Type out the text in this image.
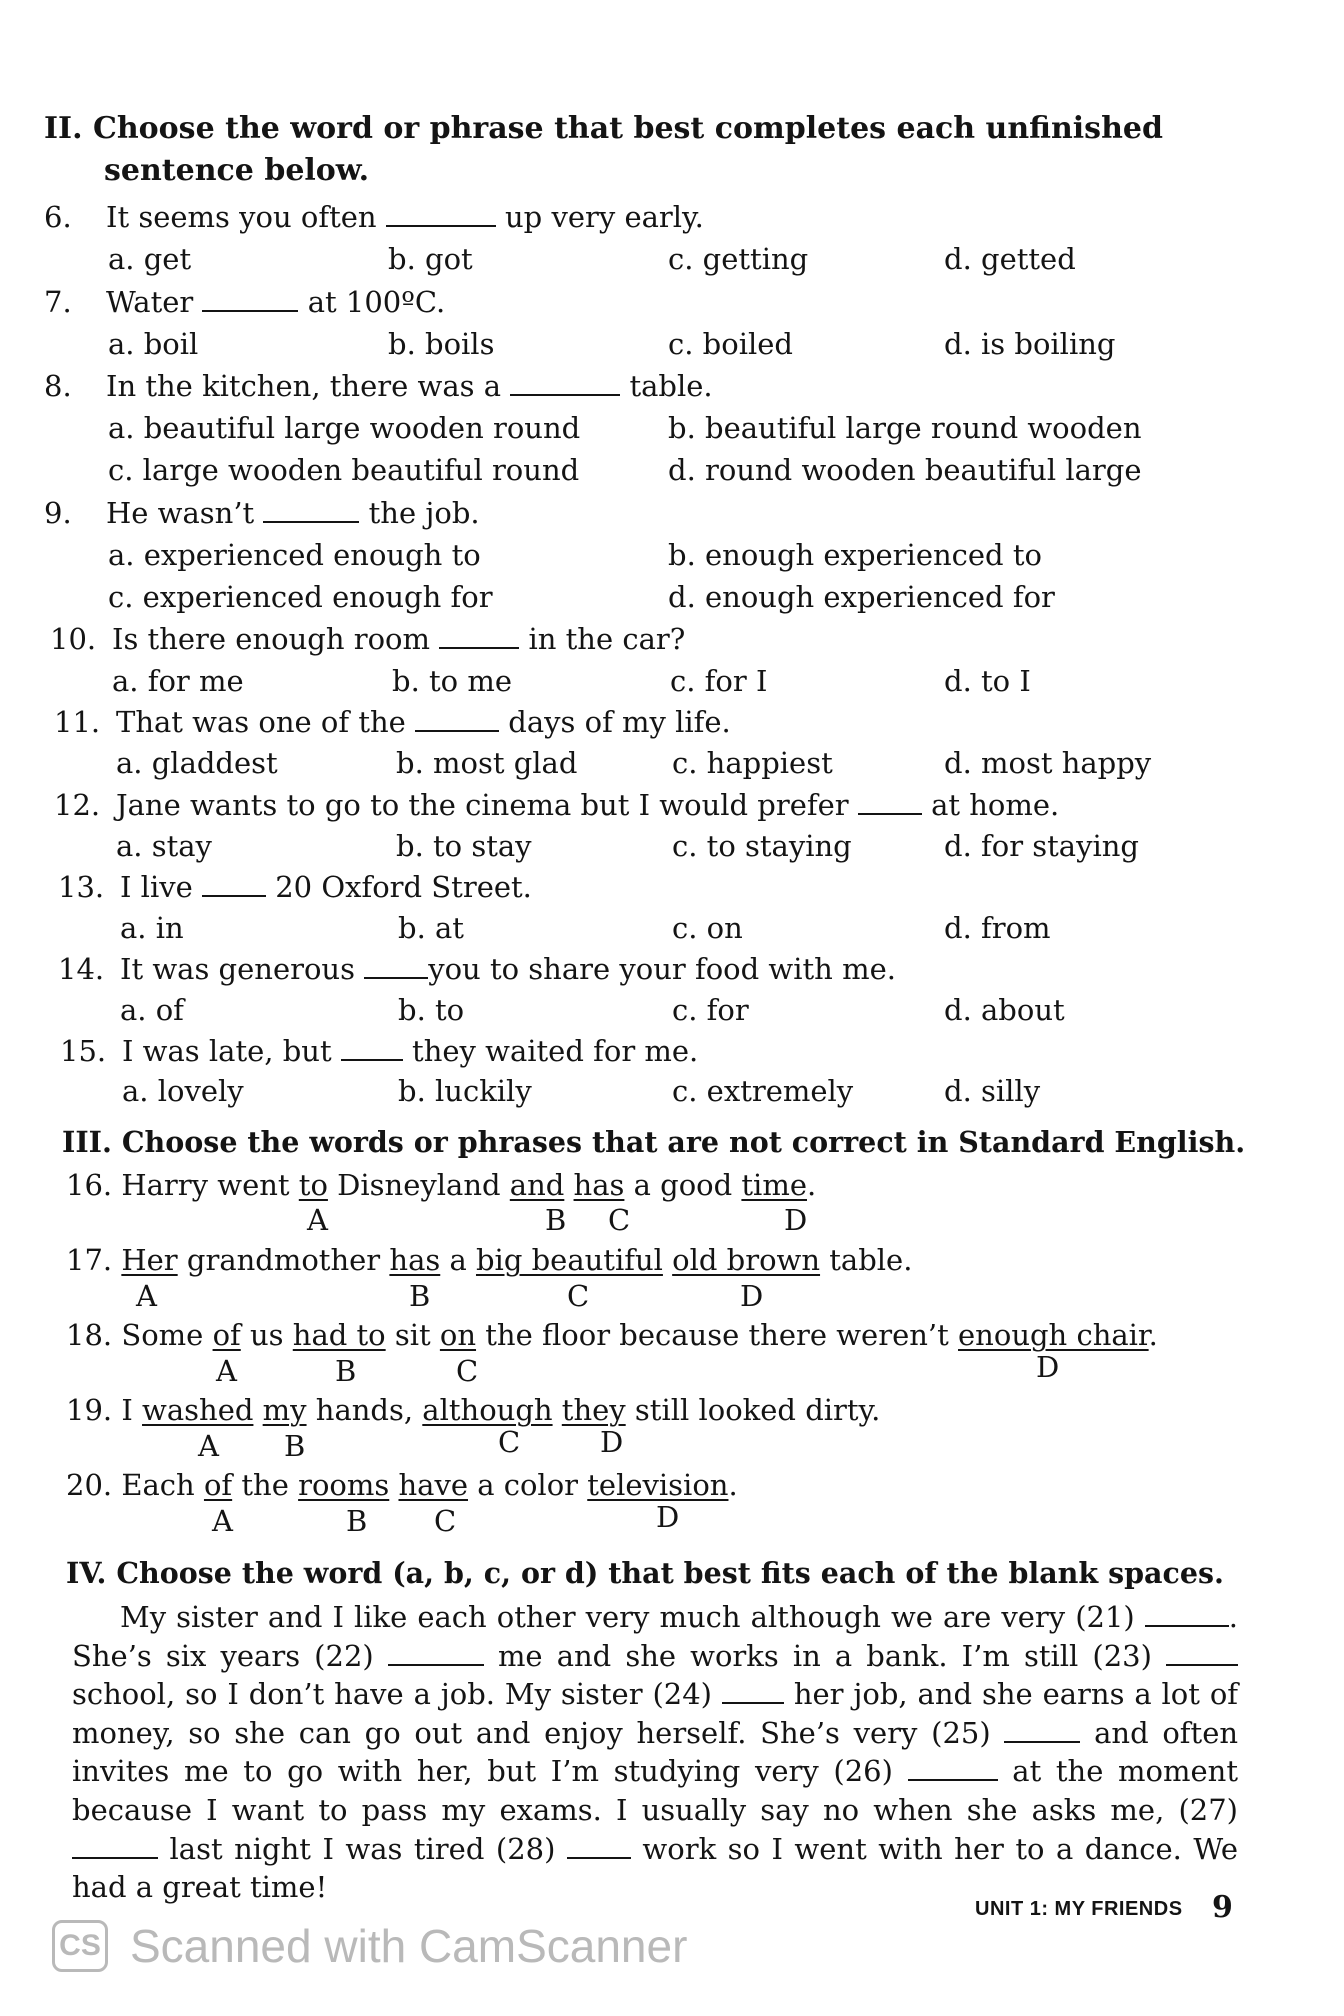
II. Choose the word or phrase that best completes each unfinished
sentence below.
6. It seems you often	up very early.
a. get	b. got	c. getting	d. getted
7. Water	at 100ºC.
a. boil	b. boils	c. boiled	d. is boiling
8. In the kitchen, there was a	table.
a. beautiful large wooden round	b. beautiful large round wooden
c. large wooden beautiful round	d. round wooden beautiful large
9. He wasn’t	the job.
a. experienced enough to	b. enough experienced to
c. experienced enough for	d. enough experienced for
10. Is there enough room	in the car?
a. for me	b. to me	c. for I	d. to I
11. That was one of the	days of my life.
a. gladdest	b. most glad	c. happiest	d. most happy
12. Jane wants to go to the cinema but I would prefer	at home.
a. stay	b. to stay	c. to staying	d. for staying
13. I live	20 Oxford Street.
a. in	b. at	c. on	d. from
14. It was generous	you to share your food with me.
a. of	b. to	c. for	d. about
15. I was late, but	they waited for me.
a. lovely	b. luckily	c. extremely	d. silly
III. Choose the words or phrases that are not correct in Standard English.
16. Harry went to Disneyland and has a good time.
A	B C	D
17. Her grandmother has a big beautiful old brown table.
A	B	C	D
18. Some of us had to sit on the floor because there weren’t enough chair.
A	B	C	D
19. I washed my hands, although they still looked dirty.
A B	C	D
20. Each of the rooms have a color television.
A	B C	D
IV. Choose the word (a, b, c, or d) that best fits each of the blank spaces.
My sister and I like each other very much although we are very (21)	. She’s six years (22)	me and she works in a bank. I’m still (23)  school, so I don’t have a job. My sister (24)	her job, and she earns a lot of money, so she can go out and enjoy herself. She’s very (25)	and often invites me to go with her, but I’m studying very (26)	at the moment because I want to pass my exams. I usually say no when she asks me, (27)  last night I was tired (28)	work so I went with her to a dance. We had a great time!
UNIT 1: MY FRIENDS 9
CS Scanned with CamScanner
